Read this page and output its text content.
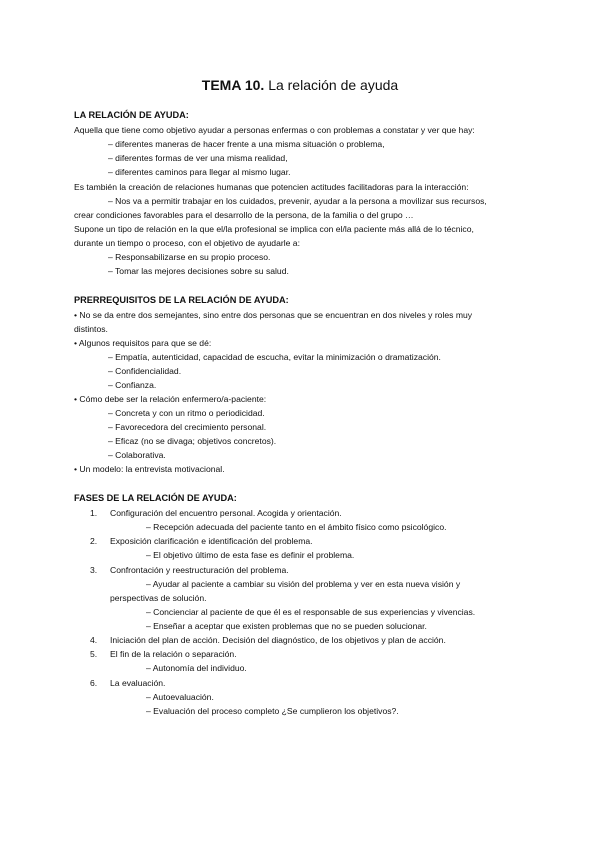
TEMA 10. La relación de ayuda
LA RELACIÓN DE AYUDA:
Aquella que tiene como objetivo ayudar a personas enfermas o con problemas a constatar y ver que hay:
– diferentes maneras de hacer frente a una misma situación o problema,
– diferentes formas de ver una misma realidad,
– diferentes caminos para llegar al mismo lugar.
Es también la creación de relaciones humanas que potencien actitudes facilitadoras para la interacción:
– Nos va a permitir trabajar en los cuidados, prevenir, ayudar a la persona a movilizar sus recursos,
crear condiciones favorables para el desarrollo de la persona, de la familia o del grupo …
Supone un tipo de relación en la que el/la profesional se implica con el/la paciente más allá de lo técnico,
durante un tiempo o proceso, con el objetivo de ayudarle a:
– Responsabilizarse en su propio proceso.
– Tomar las mejores decisiones sobre su salud.
PRERREQUISITOS DE LA RELACIÓN DE AYUDA:
• No se da entre dos semejantes, sino entre dos personas que se encuentran en dos niveles y roles muy
distintos.
• Algunos requisitos para que se dé:
– Empatía, autenticidad, capacidad de escucha, evitar la minimización o dramatización.
– Confidencialidad.
– Confianza.
• Cómo debe ser la relación enfermero/a-paciente:
– Concreta y con un ritmo o periodicidad.
– Favorecedora del crecimiento personal.
– Eficaz (no se divaga; objetivos concretos).
– Colaborativa.
• Un modelo: la entrevista motivacional.
FASES DE LA RELACIÓN DE AYUDA:
1.	Configuración del encuentro personal. Acogida y orientación.
– Recepción adecuada del paciente tanto en el ámbito físico como psicológico.
2.	Exposición clarificación e identificación del problema.
– El objetivo último de esta fase es definir el problema.
3.	Confrontación y reestructuración del problema.
– Ayudar al paciente a cambiar su visión del problema y ver en esta nueva visión y
perspectivas de solución.
– Concienciar al paciente de que él es el responsable de sus experiencias y vivencias.
– Enseñar a aceptar que existen problemas que no se pueden solucionar.
4.	Iniciación del plan de acción. Decisión del diagnóstico, de los objetivos y plan de acción.
5.	El fin de la relación o separación.
– Autonomía del individuo.
6.	La evaluación.
– Autoevaluación.
– Evaluación del proceso completo ¿Se cumplieron los objetivos?.
